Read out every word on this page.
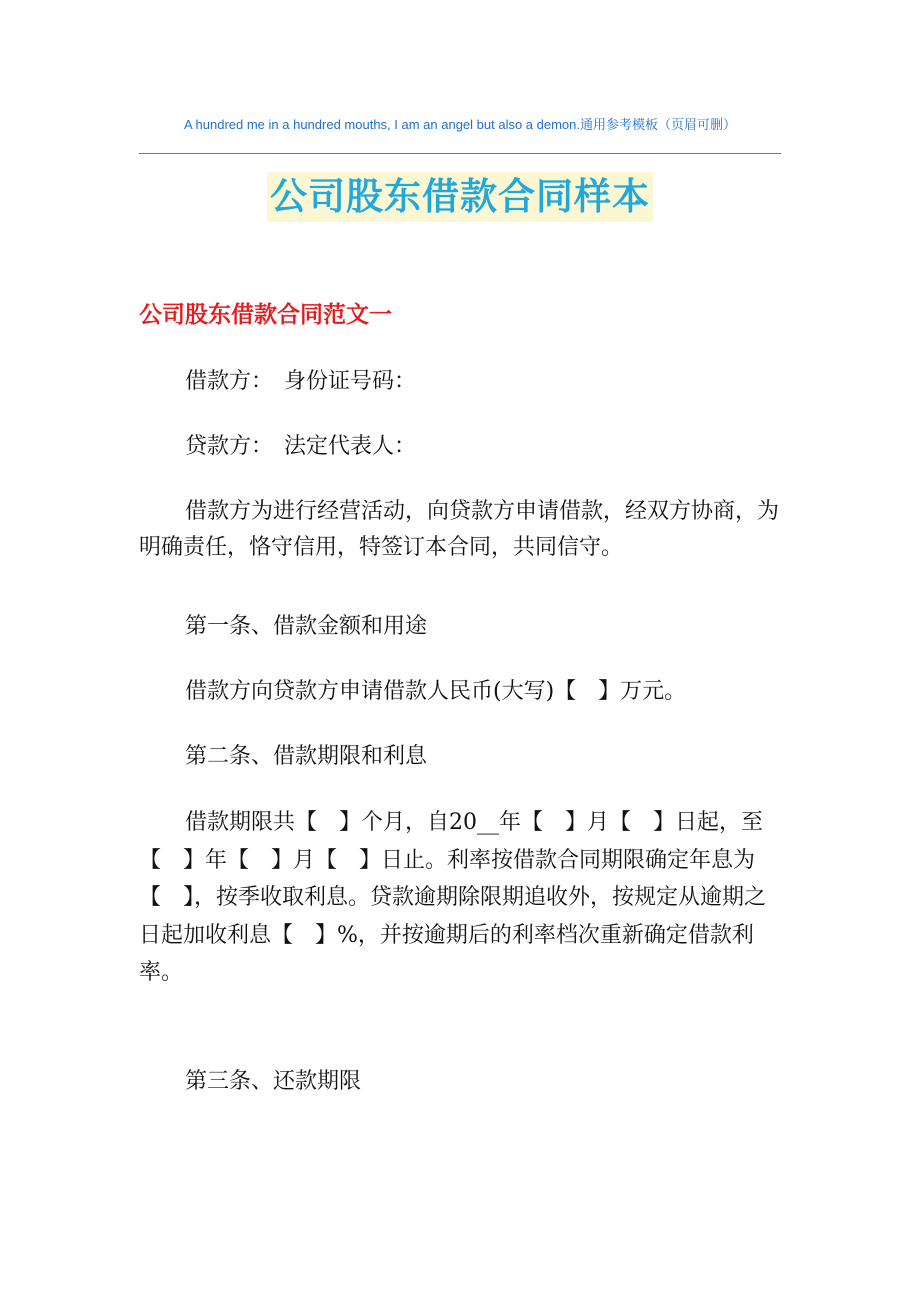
A hundred me in a hundred mouths, I am an angel but also a demon.通用参考模板（页眉可删）
公司股东借款合同样本
公司股东借款合同范文一

借款方：　身份证号码：

贷款方：　法定代表人：

借款方为进行经营活动，向贷款方申请借款，经双方协商，为明确责任，恪守信用，特签订本合同，共同信守。

第一条、借款金额和用途

借款方向贷款方申请借款人民币(大写)【　】万元。

第二条、借款期限和利息

借款期限共【　】个月，自20__年【　】月【　】日起，至【　】年【　】月【　】日止。利率按借款合同期限确定年息为【　】，按季收取利息。贷款逾期除限期追收外，按规定从逾期之日起加收利息【　】%，并按逾期后的利率档次重新确定借款利率。

第三条、还款期限
